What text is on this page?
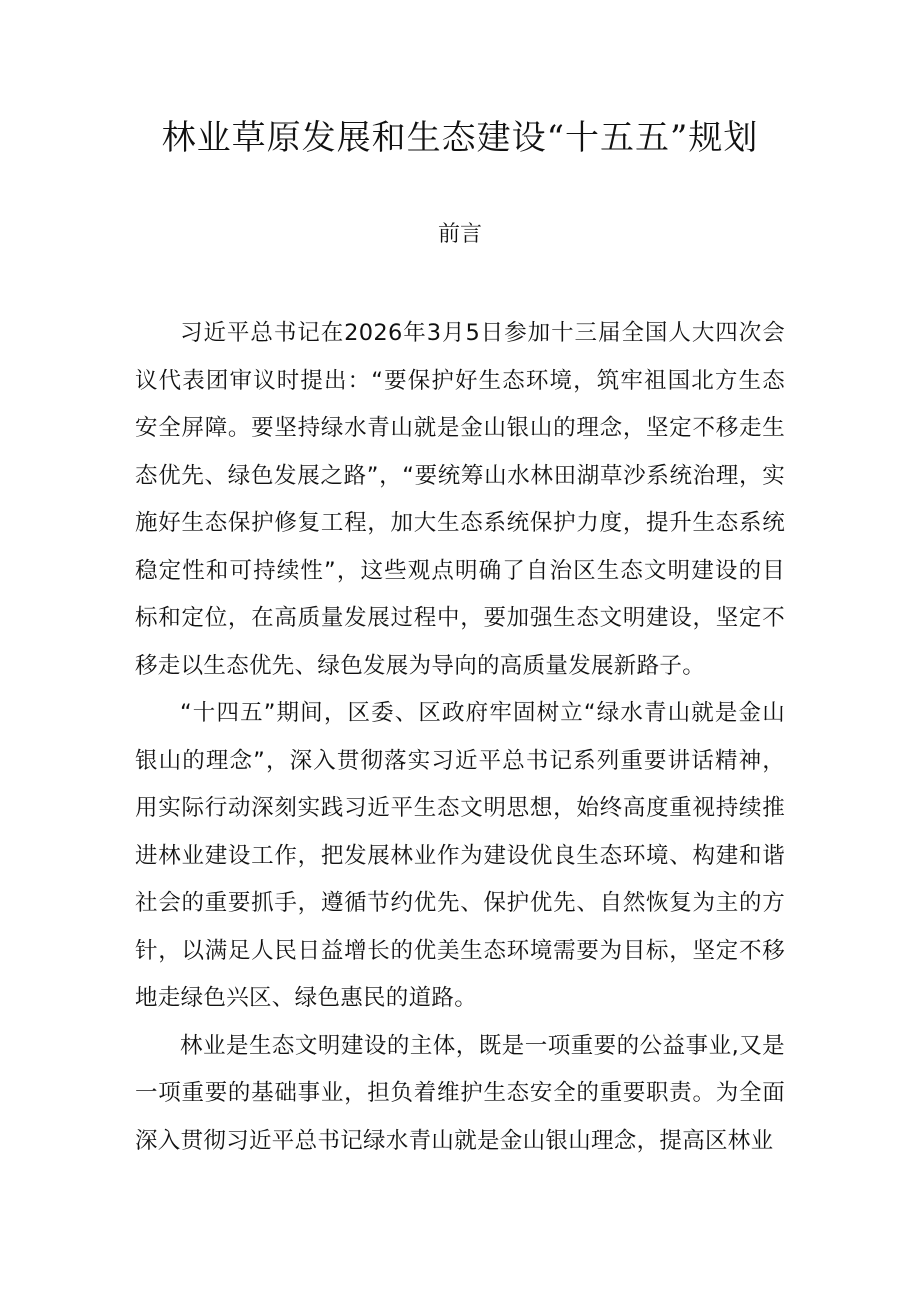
林业草原发展和生态建设“十五五”规划
前言

习近平总书记在2026年3月5日参加十三届全国人大四次会议代表团审议时提出：“要保护好生态环境，筑牢祖国北方生态安全屏障。要坚持绿水青山就是金山银山的理念，坚定不移走生态优先、绿色发展之路”，“要统筹山水林田湖草沙系统治理，实施好生态保护修复工程，加大生态系统保护力度，提升生态系统稳定性和可持续性”，这些观点明确了自治区生态文明建设的目标和定位，在高质量发展过程中，要加强生态文明建设，坚定不移走以生态优先、绿色发展为导向的高质量发展新路子。

“十四五”期间，区委、区政府牢固树立“绿水青山就是金山银山的理念”，深入贯彻落实习近平总书记系列重要讲话精神，用实际行动深刻实践习近平生态文明思想，始终高度重视持续推进林业建设工作，把发展林业作为建设优良生态环境、构建和谐社会的重要抓手，遵循节约优先、保护优先、自然恢复为主的方针，以满足人民日益增长的优美生态环境需要为目标，坚定不移地走绿色兴区、绿色惠民的道路。

林业是生态文明建设的主体，既是一项重要的公益事业,又是一项重要的基础事业，担负着维护生态安全的重要职责。为全面深入贯彻习近平总书记绿水青山就是金山银山理念，提高区林业
